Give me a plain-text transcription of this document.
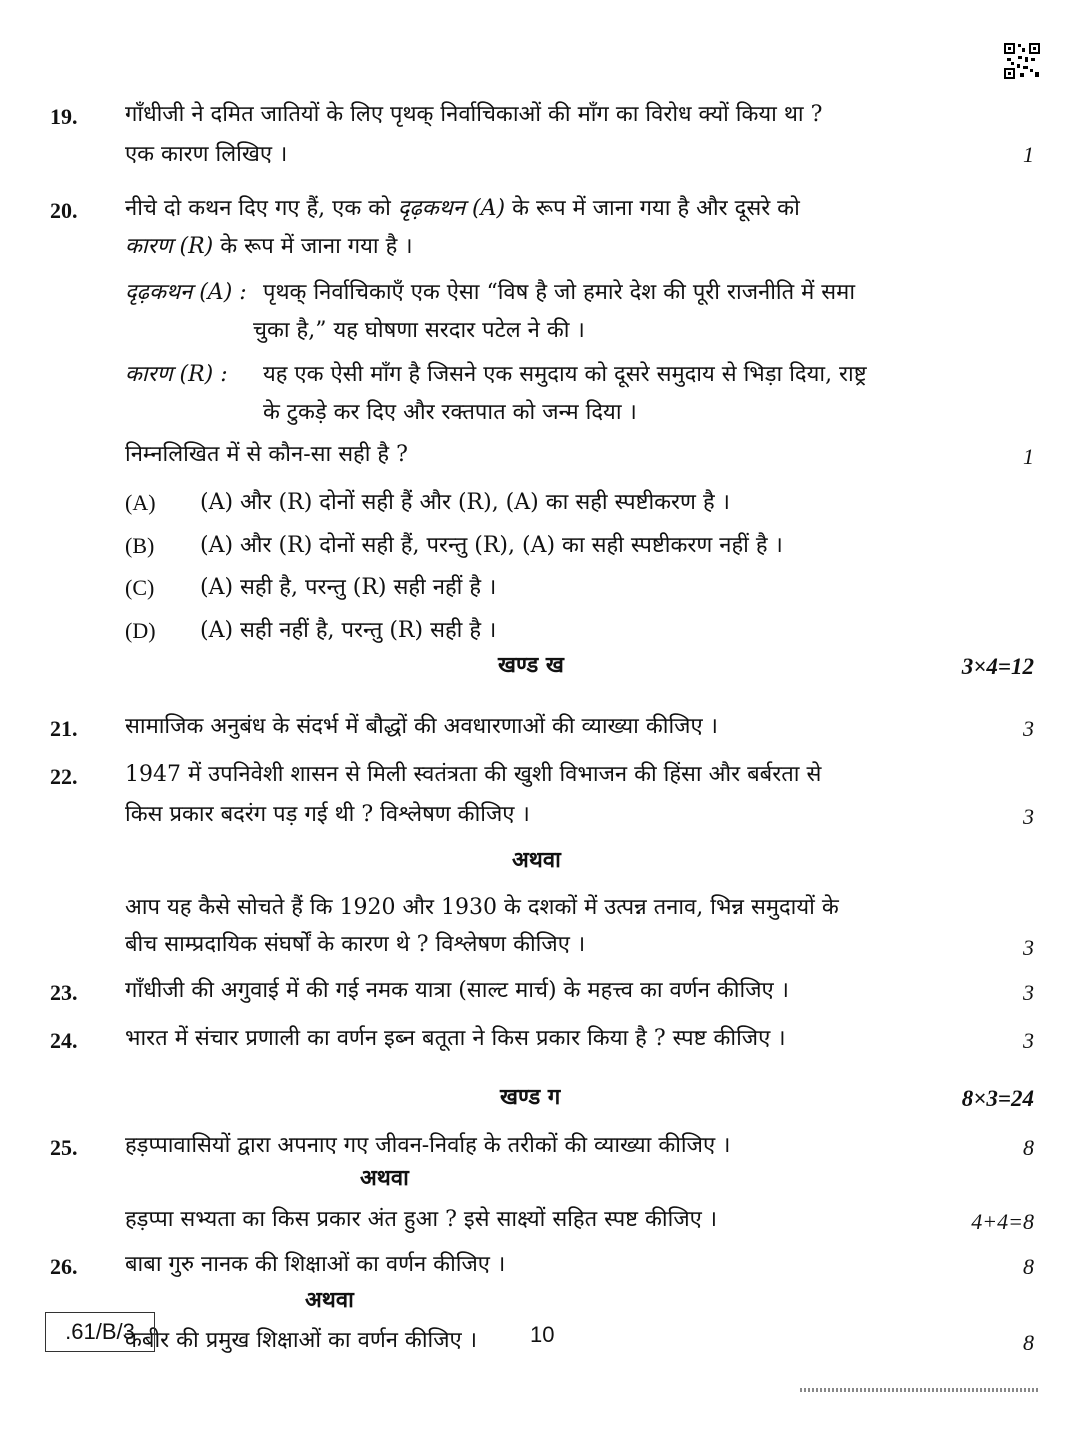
19. गाँधीजी ने दमित जातियों के लिए पृथक् निर्वाचिकाओं की माँग का विरोध क्यों किया था ?
एक कारण लिखिए ।	1
20. नीचे दो कथन दिए गए हैं, एक को दृढ़कथन (A) के रूप में जाना गया है और दूसरे को
कारण (R) के रूप में जाना गया है ।
दृढ़कथन (A) : पृथक् निर्वाचिकाएँ एक ऐसा “विष है जो हमारे देश की पूरी राजनीति में समा
चुका है,” यह घोषणा सरदार पटेल ने की ।
कारण (R) : यह एक ऐसी माँग है जिसने एक समुदाय को दूसरे समुदाय से भिड़ा दिया, राष्ट्र
के टुकड़े कर दिए और रक्तपात को जन्म दिया ।
निम्नलिखित में से कौन-सा सही है ?	1
(A) (A) और (R) दोनों सही हैं और (R), (A) का सही स्पष्टीकरण है ।
(B) (A) और (R) दोनों सही हैं, परन्तु (R), (A) का सही स्पष्टीकरण नहीं है ।
(C) (A) सही है, परन्तु (R) सही नहीं है ।
(D) (A) सही नहीं है, परन्तु (R) सही है ।
खण्ड ख	3×4=12
21. सामाजिक अनुबंध के संदर्भ में बौद्धों की अवधारणाओं की व्याख्या कीजिए ।	3
22. 1947 में उपनिवेशी शासन से मिली स्वतंत्रता की खुशी विभाजन की हिंसा और बर्बरता से
किस प्रकार बदरंग पड़ गई थी ? विश्लेषण कीजिए ।	3
अथवा
आप यह कैसे सोचते हैं कि 1920 और 1930 के दशकों में उत्पन्न तनाव, भिन्न समुदायों के
बीच साम्प्रदायिक संघर्षों के कारण थे ? विश्लेषण कीजिए ।	3
23. गाँधीजी की अगुवाई में की गई नमक यात्रा (साल्ट मार्च) के महत्त्व का वर्णन कीजिए ।	3
24. भारत में संचार प्रणाली का वर्णन इब्न बतूता ने किस प्रकार किया है ? स्पष्ट कीजिए ।	3
खण्ड ग	8×3=24
25. हड़प्पावासियों द्वारा अपनाए गए जीवन-निर्वाह के तरीकों की व्याख्या कीजिए ।	8
अथवा
हड़प्पा सभ्यता का किस प्रकार अंत हुआ ? इसे साक्ष्यों सहित स्पष्ट कीजिए ।	4+4=8
26. बाबा गुरु नानक की शिक्षाओं का वर्णन कीजिए ।	8
अथवा
कबीर की प्रमुख शिक्षाओं का वर्णन कीजिए ।	8
.61/B/3	10
